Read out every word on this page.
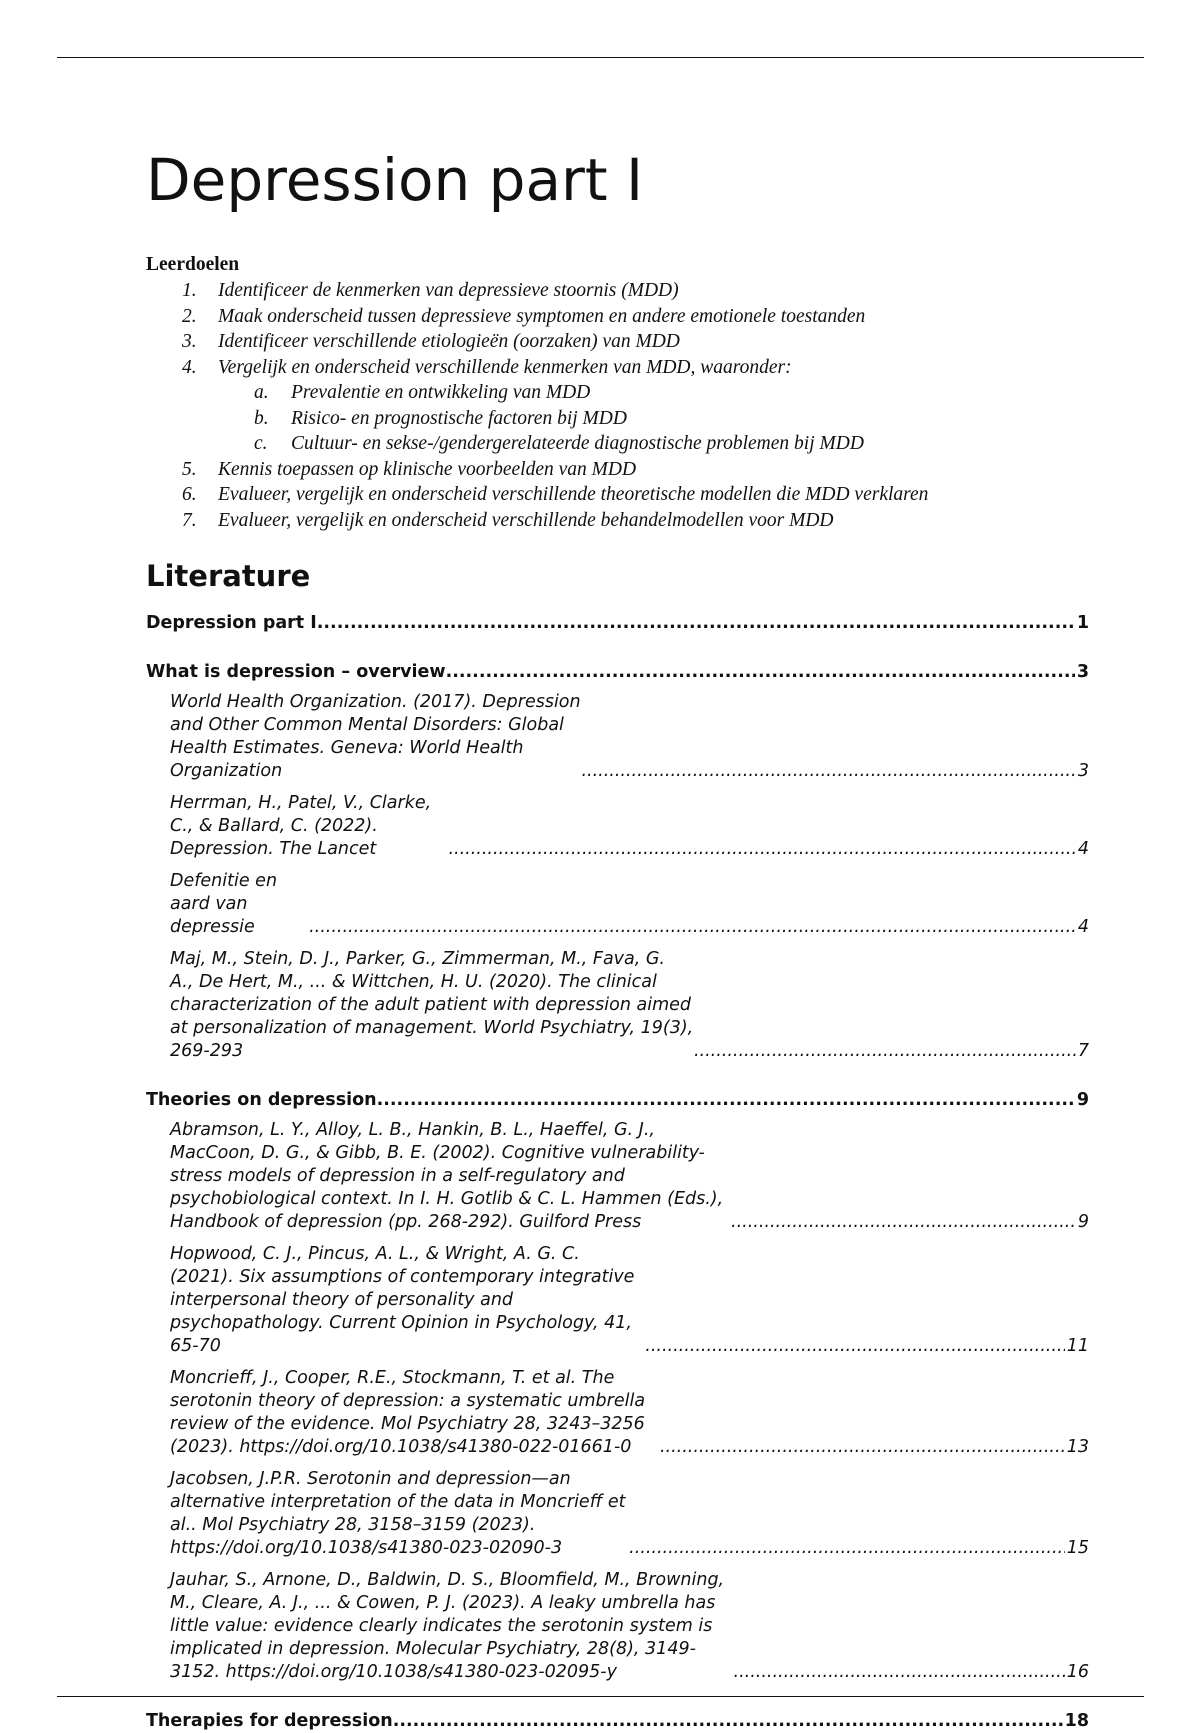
Depression part I
Leerdoelen
1. Identificeer de kenmerken van depressieve stoornis (MDD)
2. Maak onderscheid tussen depressieve symptomen en andere emotionele toestanden
3. Identificeer verschillende etiologieën (oorzaken) van MDD
4. Vergelijk en onderscheid verschillende kenmerken van MDD, waaronder:
a. Prevalentie en ontwikkeling van MDD
b. Risico- en prognostische factoren bij MDD
c. Cultuur- en sekse-/gendergerelateerde diagnostische problemen bij MDD
5. Kennis toepassen op klinische voorbeelden van MDD
6. Evalueer, vergelijk en onderscheid verschillende theoretische modellen die MDD verklaren
7. Evalueer, vergelijk en onderscheid verschillende behandelmodellen voor MDD
Literature
Depression part I .....	1
What is depression – overview .....	3
World Health Organization. (2017). Depression and Other Common Mental Disorders: Global Health Estimates. Geneva: World Health Organization .....	3
Herrman, H., Patel, V., Clarke, C., & Ballard, C. (2022). Depression. The Lancet .....	4
Defenitie en aard van depressie .....	4
Maj, M., Stein, D. J., Parker, G., Zimmerman, M., Fava, G. A., De Hert, M., ... & Wittchen, H. U. (2020). The clinical characterization of the adult patient with depression aimed at personalization of management. World Psychiatry, 19(3), 269-293 .....	7
Theories on depression .....	9
Abramson, L. Y., Alloy, L. B., Hankin, B. L., Haeffel, G. J., MacCoon, D. G., & Gibb, B. E. (2002). Cognitive vulnerability-stress models of depression in a self-regulatory and psychobiological context. In I. H. Gotlib & C. L. Hammen (Eds.), Handbook of depression (pp. 268-292). Guilford Press .....	9
Hopwood, C. J., Pincus, A. L., & Wright, A. G. C. (2021). Six assumptions of contemporary integrative interpersonal theory of personality and psychopathology. Current Opinion in Psychology, 41, 65-70 .....	11
Moncrieff, J., Cooper, R.E., Stockmann, T. et al. The serotonin theory of depression: a systematic umbrella review of the evidence. Mol Psychiatry 28, 3243–3256 (2023). https://doi.org/10.1038/s41380-022-01661-0 .....	13
Jacobsen, J.P.R. Serotonin and depression—an alternative interpretation of the data in Moncrieff et al.. Mol Psychiatry 28, 3158–3159 (2023). https://doi.org/10.1038/s41380-023-02090-3 .....	15
Jauhar, S., Arnone, D., Baldwin, D. S., Bloomfield, M., Browning, M., Cleare, A. J., ... & Cowen, P. J. (2023). A leaky umbrella has little value: evidence clearly indicates the serotonin system is implicated in depression. Molecular Psychiatry, 28(8), 3149-3152. https://doi.org/10.1038/s41380-023-02095-y .....	16
Therapies for depression .....	18
